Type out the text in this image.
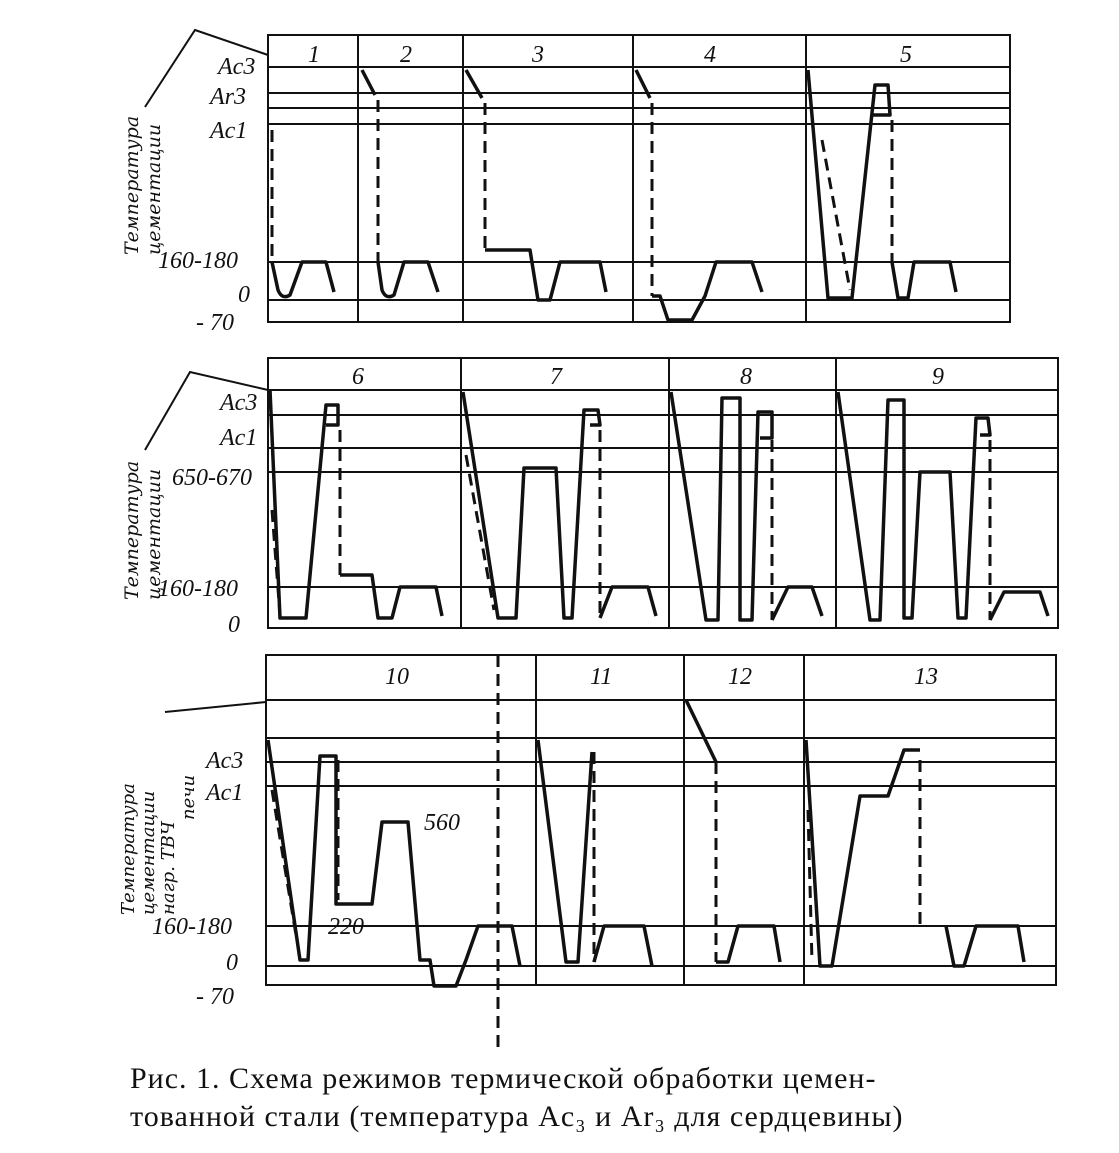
Ac3
Ar3
Ac1
160-180
0
- 70
Температура цементации
1	2	3	4	5
Ac3
Ac1
650-670
160-180
0
Температура цементации
6	7	8	9
Ac3
Ac1
160-180
0
- 70
Температура цементации нагр. ТВЧ
печи
10	11	12	13
560
220
Рис. 1. Схема режимов термической обработки цемен-
тованной стали (температура Ac₃ и Ar₃ для сердцевины)
